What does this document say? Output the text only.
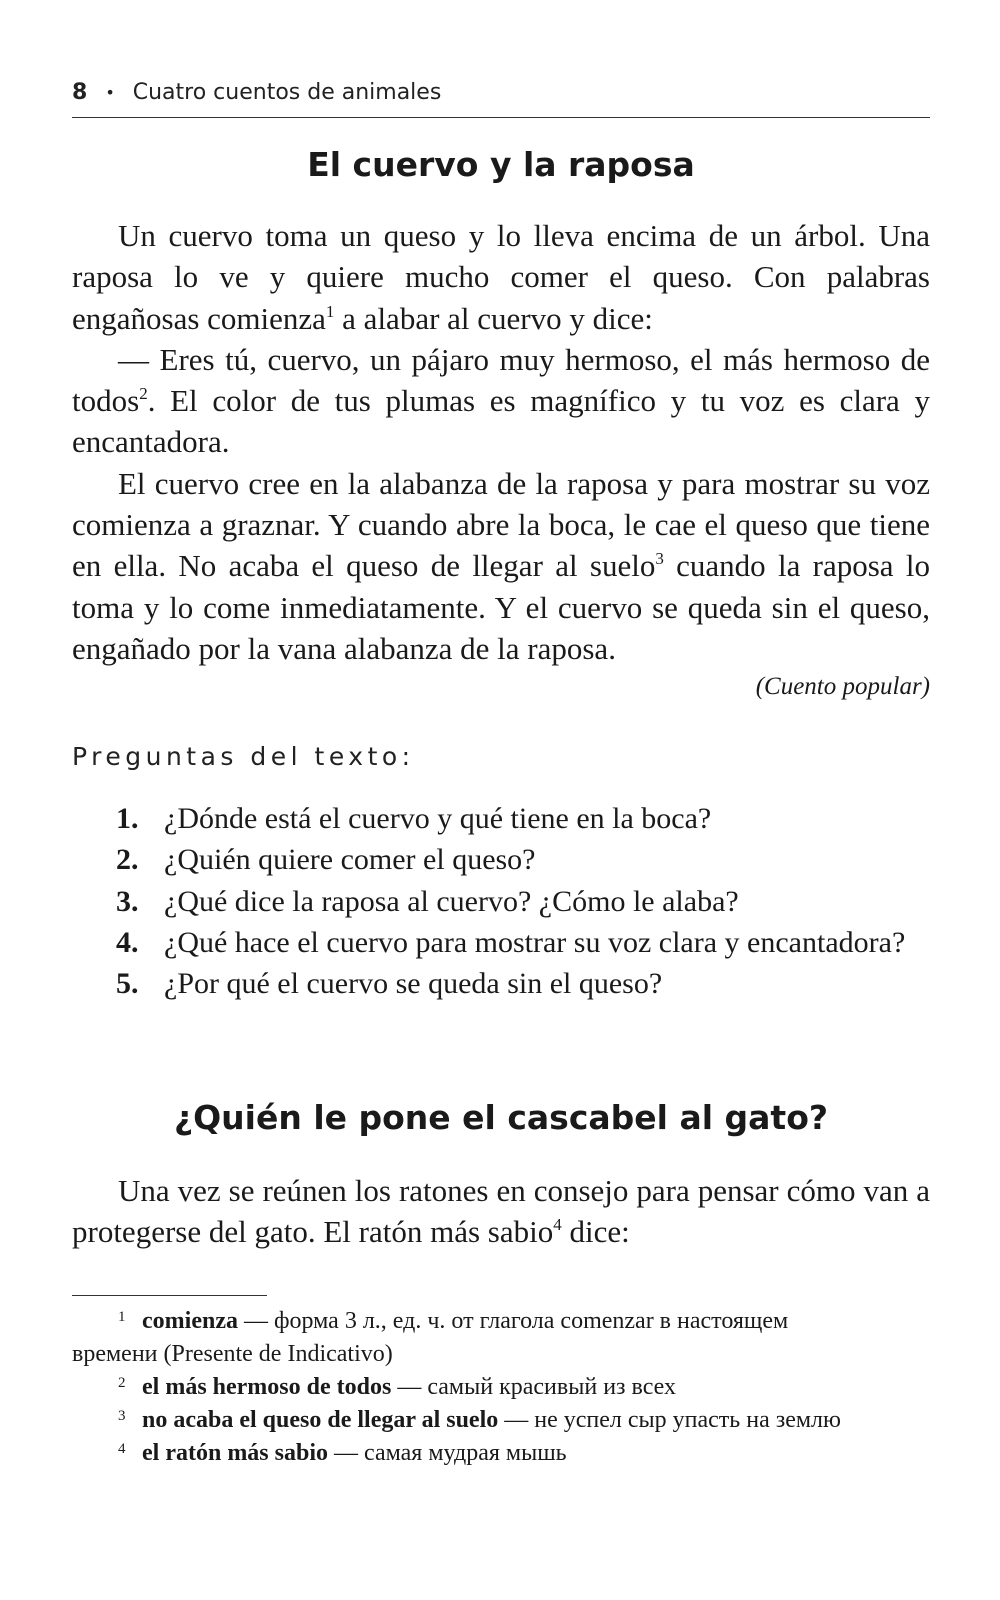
8 • Cuatro cuentos de animales
El cuervo y la raposa

Un cuervo toma un queso y lo lleva encima de un árbol. Una raposa lo ve y quiere mucho comer el queso. Con palabras engañosas comienza$^1$ a alabar al cuervo y dice:

— Eres tú, cuervo, un pájaro muy hermoso, el más hermoso de todos$^2$. El color de tus plumas es magnífico y tu voz es clara y encantadora.

El cuervo cree en la alabanza de la raposa y para mostrar su voz comienza a graznar. Y cuando abre la boca, le cae el queso que tiene en ella. No acaba el queso de llegar al suelo$^3$ cuando la raposa lo toma y lo come inmediatamente. Y el cuervo se queda sin el queso, engañado por la vana alabanza de la raposa.

(Cuento popular)
Preguntas del texto:
1. ¿Dónde está el cuervo y qué tiene en la boca?
2. ¿Quién quiere comer el queso?
3. ¿Qué dice la raposa al cuervo? ¿Cómo le alaba?
4. ¿Qué hace el cuervo para mostrar su voz clara y encantadora?
5. ¿Por qué el cuervo se queda sin el queso?
¿Quién le pone el cascabel al gato?

Una vez se reúnen los ratones en consejo para pensar cómo van a protegerse del gato. El ratón más sabio$^4$ dice:

1 comienza — форма 3 л., ед. ч. от глагола comenzar в настоящем
времени (Presente de Indicativo)
2 el más hermoso de todos — самый красивый из всех
3 no acaba el queso de llegar al suelo — не успел сыр упасть на землю
4 el ratón más sabio — самая мудрая мышь
